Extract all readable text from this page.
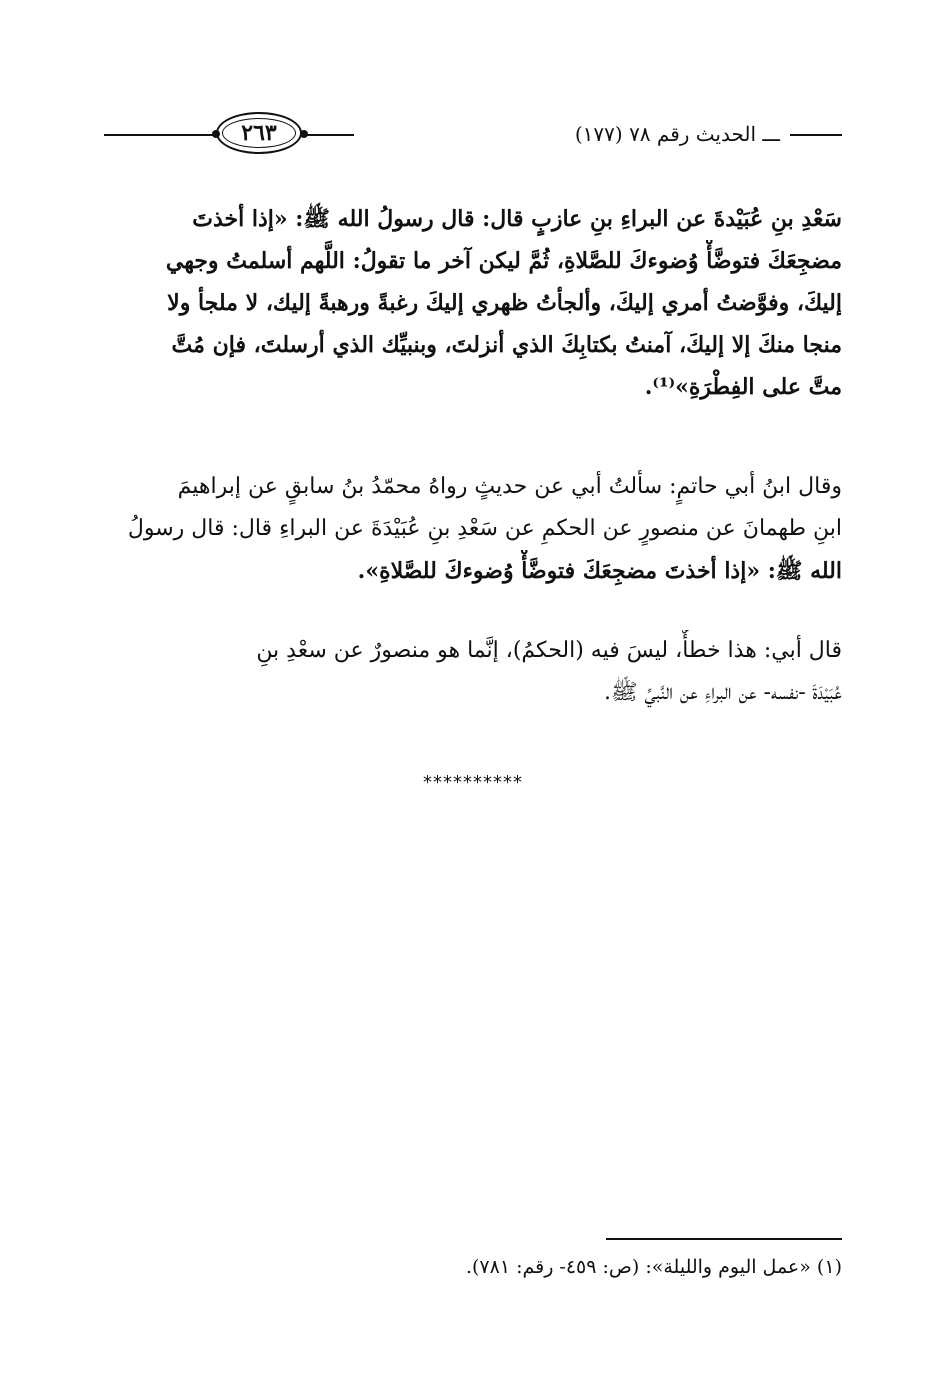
ـــ الحديث رقم ٧٨ (١٧٧)
٢٦٣
سَعْدِ بنِ عُبَيْدةَ عن البراءِ بنِ عازبٍ قال: قال رسولُ الله ﷺ: «إذا أخذتَ
مضجِعَكَ فتوضَّأْ وُضوءكَ للصَّلاةِ، ثُمَّ ليكن آخر ما تقولُ: اللَّهم أسلمتُ وجهي
إليكَ، وفوَّضتُ أمري إليكَ، وألجأتُ ظهري إليكَ رغبةً ورهبةً إليك، لا ملجأ ولا
منجا منكَ إلا إليكَ، آمنتُ بكتابِكَ الذي أنزلتَ، وبنبيِّك الذي أرسلتَ، فإن مُتَّ
متَّ على الفِطْرَةِ»⁽¹⁾.
وقال ابنُ أبي حاتمٍ: سألتُ أبي عن حديثٍ رواهُ محمّدُ بنُ سابقٍ عن إبراهيمَ
ابنِ طهمانَ عن منصورٍ عن الحكمِ عن سَعْدِ بنِ عُبَيْدَةَ عن البراءِ قال: قال رسولُ
الله ﷺ: «إذا أخذتَ مضجِعَكَ فتوضَّأْ وُضوءكَ للصَّلاةِ».
قال أبي: هذا خطأٌ، ليسَ فيه (الحكمُ)، إنَّما هو منصورٌ عن سعْدِ بنِ
عُبَيْدَةَ -نفسه- عن البراءِ عن النَّبيِّ ﷺ.
**********
(١) «عمل اليوم والليلة»: (ص: ٤٥٩- رقم: ٧٨١).
